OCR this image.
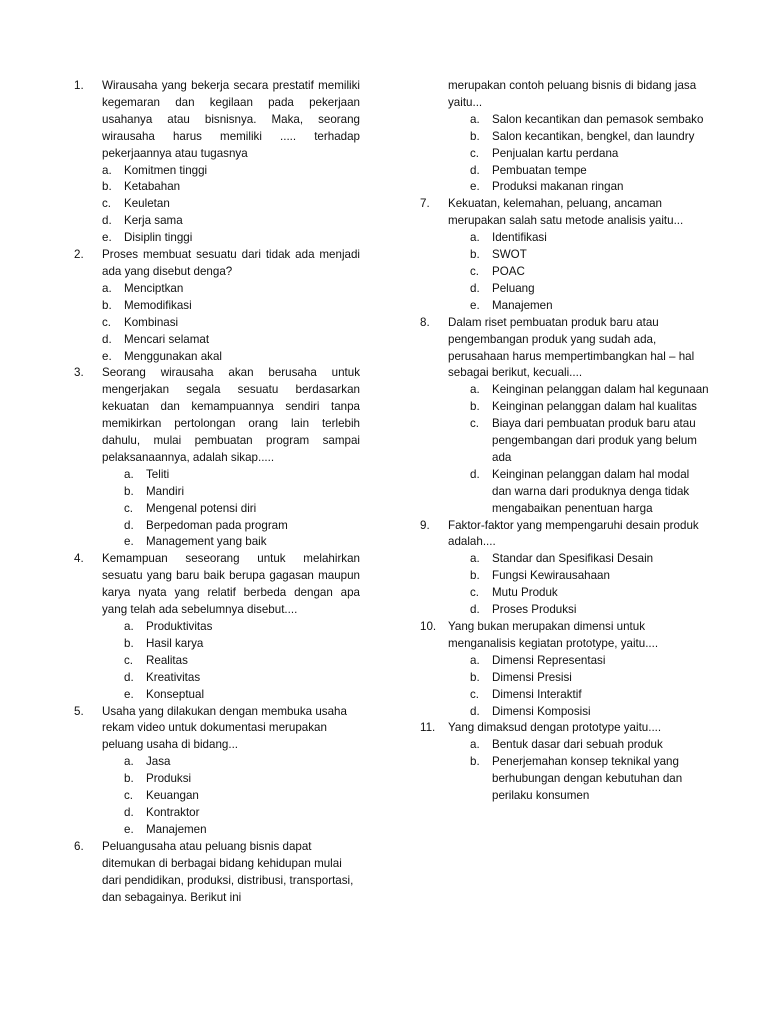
1.	Wirausaha yang bekerja secara prestatif memiliki kegemaran dan kegilaan pada pekerjaan usahanya atau bisnisnya. Maka, seorang wirausaha harus memiliki ..... terhadap pekerjaannya atau tugasnya
a.	Komitmen tinggi
b.	Ketabahan
c.	Keuletan
d.	Kerja sama
e.	Disiplin tinggi
2.	Proses membuat sesuatu dari tidak ada menjadi ada yang disebut denga?
a.	Menciptkan
b.	Memodifikasi
c.	Kombinasi
d.	Mencari selamat
e.	Menggunakan akal
3.	Seorang wirausaha akan berusaha untuk mengerjakan segala sesuatu berdasarkan kekuatan dan kemampuannya sendiri tanpa memikirkan pertolongan orang lain terlebih dahulu, mulai pembuatan program sampai pelaksanaannya, adalah sikap.....
a.	Teliti
b.	Mandiri
c.	Mengenal potensi diri
d.	Berpedoman pada program
e.	Management yang baik
4.	Kemampuan seseorang untuk melahirkan sesuatu yang baru baik berupa gagasan maupun karya nyata yang relatif berbeda dengan apa yang telah ada sebelumnya disebut....
a.	Produktivitas
b.	Hasil karya
c.	Realitas
d.	Kreativitas
e.	Konseptual
5.	Usaha yang dilakukan dengan membuka usaha rekam video untuk dokumentasi merupakan peluang usaha di bidang...
a.	Jasa
b.	Produksi
c.	Keuangan
d.	Kontraktor
e.	Manajemen
6.	Peluangusaha atau peluang bisnis dapat ditemukan di berbagai bidang kehidupan mulai dari pendidikan, produksi, distribusi, transportasi, dan sebagainya. Berikut ini
merupakan contoh peluang bisnis di bidang jasa yaitu...
a.	Salon kecantikan dan pemasok sembako
b.	Salon kecantikan, bengkel, dan laundry
c.	Penjualan kartu perdana
d.	Pembuatan tempe
e.	Produksi makanan ringan
7.	Kekuatan, kelemahan, peluang, ancaman merupakan salah satu metode analisis yaitu...
a.	Identifikasi
b.	SWOT
c.	POAC
d.	Peluang
e.	Manajemen
8.	Dalam riset pembuatan produk baru atau pengembangan produk yang sudah ada, perusahaan harus mempertimbangkan hal – hal sebagai berikut, kecuali....
a.	Keinginan pelanggan dalam hal kegunaan
b.	Keinginan pelanggan dalam hal kualitas
c.	Biaya dari pembuatan produk baru atau pengembangan dari produk yang belum ada
d.	Keinginan pelanggan dalam hal modal dan warna dari produknya denga tidak mengabaikan penentuan harga
9.	Faktor-faktor yang mempengaruhi desain produk adalah....
a.	Standar dan Spesifikasi Desain
b.	Fungsi Kewirausahaan
c.	Mutu Produk
d.	Proses Produksi
10.	Yang bukan merupakan dimensi untuk menganalisis kegiatan prototype, yaitu....
a.	Dimensi Representasi
b.	Dimensi Presisi
c.	Dimensi Interaktif
d.	Dimensi Komposisi
11.	Yang dimaksud dengan prototype yaitu....
a.	Bentuk dasar dari sebuah produk
b.	Penerjemahan konsep teknikal yang berhubungan dengan kebutuhan dan perilaku konsumen
